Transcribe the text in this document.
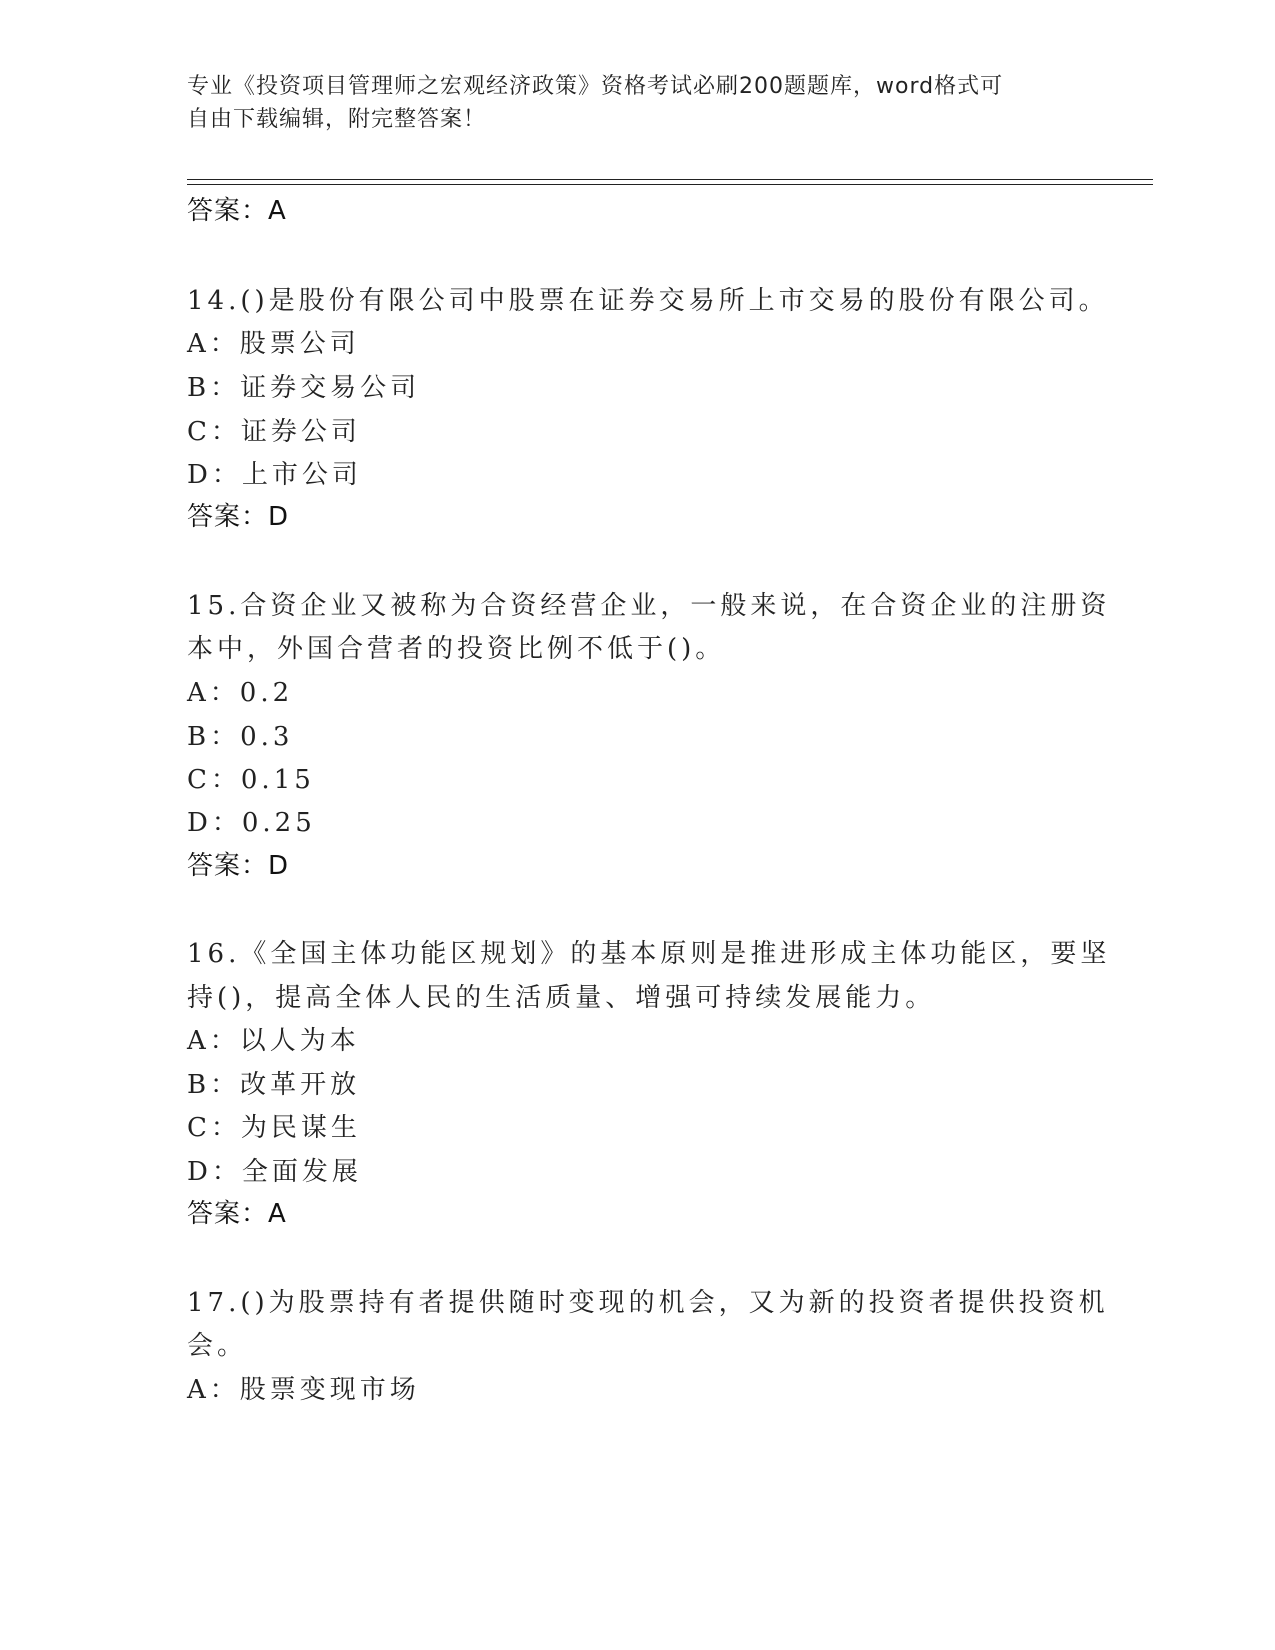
专业《投资项目管理师之宏观经济政策》资格考试必刷200题题库，word格式可
自由下载编辑，附完整答案！
答案：A
14.()是股份有限公司中股票在证券交易所上市交易的股份有限公司。
A：股票公司
B：证券交易公司
C：证券公司
D：上市公司
答案：D
15.合资企业又被称为合资经营企业，一般来说，在合资企业的注册资
本中，外国合营者的投资比例不低于()。
A：0.2
B：0.3
C：0.15
D：0.25
答案：D
16.《全国主体功能区规划》的基本原则是推进形成主体功能区，要坚
持()，提高全体人民的生活质量、增强可持续发展能力。
A：以人为本
B：改革开放
C：为民谋生
D：全面发展
答案：A
17.()为股票持有者提供随时变现的机会，又为新的投资者提供投资机
会。
A：股票变现市场
